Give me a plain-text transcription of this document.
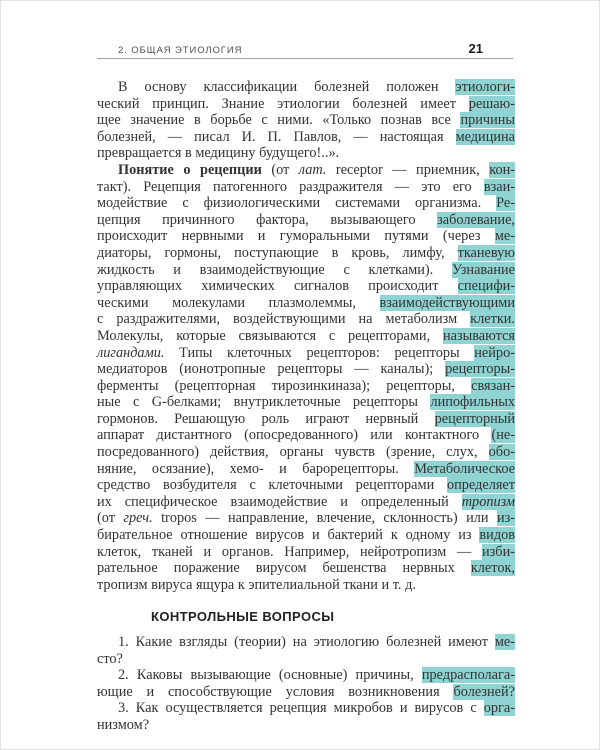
2. ОБЩАЯ ЭТИОЛОГИЯ	21
В основу классификации болезней положен этиологи-
ческий принцип. Знание этиологии болезней имеет решаю-
щее значение в борьбе с ними. «Только познав все причины
болезней, — писал И. П. Павлов, — настоящая медицина
превращается в медицину будущего!..».
Понятие о рецепции (от лат. receptor — приемник, кон-
такт). Рецепция патогенного раздражителя — это его взаи-
модействие с физиологическими системами организма. Ре-
цепция причинного фактора, вызывающего заболевание,
происходит нервными и гуморальными путями (через ме-
диаторы, гормоны, поступающие в кровь, лимфу, тканевую
жидкость и взаимодействующие с клетками). Узнавание
управляющих химических сигналов происходит специфи-
ческими молекулами плазмолеммы, взаимодействующими
с раздражителями, воздействующими на метаболизм клетки.
Молекулы, которые связываются с рецепторами, называются
лигандами. Типы клеточных рецепторов: рецепторы нейро-
медиаторов (ионотропные рецепторы — каналы); рецепторы-
ферменты (рецепторная тирозинкиназа); рецепторы, связан-
ные с G-белками; внутриклеточные рецепторы липофильных
гормонов. Решающую роль играют нервный рецепторный
аппарат дистантного (опосредованного) или контактного (не-
посредованного) действия, органы чувств (зрение, слух, обо-
няние, осязание), хемо- и барорецепторы. Метаболическое
средство возбудителя с клеточными рецепторами определяет
их специфическое взаимодействие и определенный тропизм
(от греч. tropos — направление, влечение, склонность) или из-
бирательное отношение вирусов и бактерий к одному из видов
клеток, тканей и органов. Например, нейротропизм — изби-
рательное поражение вирусом бешенства нервных клеток,
тропизм вируса ящура к эпителиальной ткани и т. д.
КОНТРОЛЬНЫЕ ВОПРОСЫ
1. Какие взгляды (теории) на этиологию болезней имеют ме-
сто?
2. Каковы вызывающие (основные) причины, предрасполага-
ющие и способствующие условия возникновения болезней?
3. Как осуществляется рецепция микробов и вирусов с орга-
низмом?
